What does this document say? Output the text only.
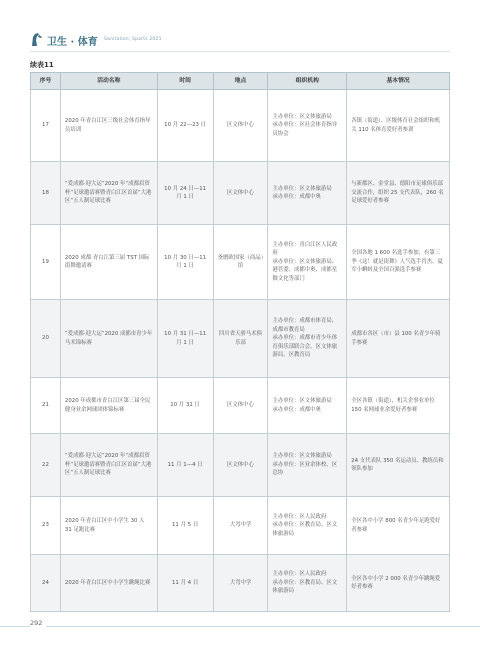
卫生 · 体育 Sanitation, Sports 2021
续表11
序号	活动名称	时间	地点	组织机构	基本情况
17	2020 年青白江区三级社会体育指导员培训	10 月 22—23 日	区文体中心	主办单位：区文体旅游局
承办单位：区社会体育指导员协会	各镇（街道）、区级体育社会组织和机关 110 名体育爱好者参训
18	“爱成都·迎大运”2020 年“成都眉资杯”足球邀请赛暨青白江区首届“大港区”五人制足球比赛	10 月 24 日—11 月 1 日	区文体中心	主办单位：区文体旅游局
承办单位：成都中奥	与新都区、金堂县、德阳市足球俱乐部交流合作，组织 25 支代表队，260 名足球爱好者参赛
19	2020 成都·青白江第三届 TST 国际街舞邀请赛	10 月 30 日—11 月 1 日	釜磨欧国家（商品）馆	主办单位：青白江区人民政府
承办单位：区文体旅游局、港管委、成都中奥、成都星舞文化等部门	全国各地 1 600 名选手参加，有第三季《这！就是街舞》人气选手肖杰、夏军小蝌蚪及全国百强选手参赛
20	“爱成都·迎大运”2020 成都市青少年马术锦标赛	10 月 31 日—11 月 1 日	四川省天骄马术俱乐部	主办单位：成都市体育局、成都市教育局
承办单位：成都市青少年体育俱乐部联合会、区文体旅游局、区教育局	成都市各区（市）县 100 名青少年骑手参赛
21	2020 年成都市青白江区第三届全民健身业余网球团体锦标赛	10 月 31 日	区文体中心	主办单位：区文体旅游局
承办单位：成都中奥	全区各镇（街道），机关企事业单位 150 名网球业余爱好者参赛
22	“爱成都·迎大运”2020 年“成都眉资杯”足球邀请赛暨青白江区首届“大港区”五人制足球比赛	11 月 1—4 日	区文体中心	主办单位：区文体旅游局
承办单位：区业余体校、区总协	24 支代表队 350 名运动员、教练员和领队参加
23	2020 年青白江区中小学生 30 人 31 足跑比赛	11 月 5 日	大弯中学	主办单位：区人民政府
承办单位：区教育局、区文体旅游局	全区各中小学 800 名青少年足跑爱好者参赛
24	2020 年青白江区中小学生跳绳比赛	11 月 4 日	大弯中学	主办单位：区人民政府
承办单位：区教育局、区文体旅游局	全区各中小学 2 000 名青少年跳绳爱好者参赛
292
